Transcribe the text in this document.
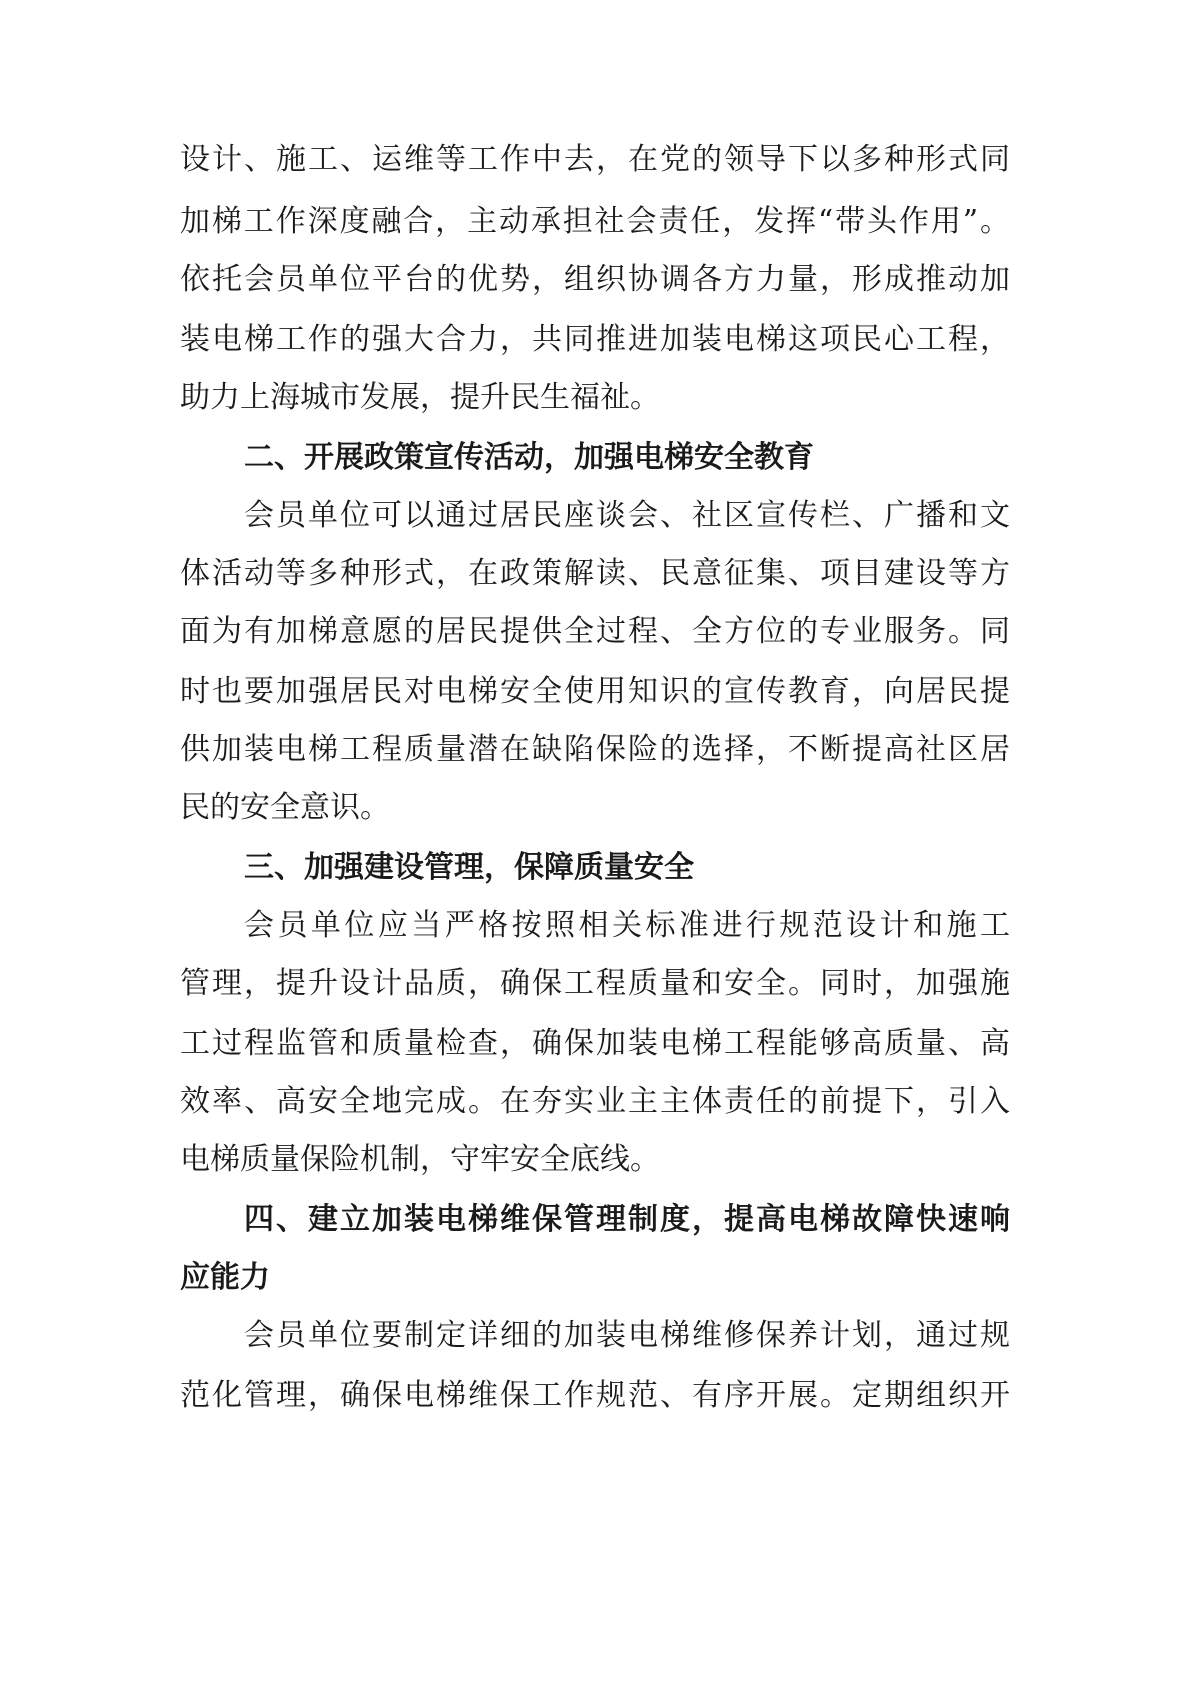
设计、施工、运维等工作中去，在党的领导下以多种形式同
加梯工作深度融合，主动承担社会责任，发挥“带头作用”。
依托会员单位平台的优势，组织协调各方力量，形成推动加
装电梯工作的强大合力，共同推进加装电梯这项民心工程，
助力上海城市发展，提升民生福祉。
二、开展政策宣传活动，加强电梯安全教育
会员单位可以通过居民座谈会、社区宣传栏、广播和文
体活动等多种形式，在政策解读、民意征集、项目建设等方
面为有加梯意愿的居民提供全过程、全方位的专业服务。同
时也要加强居民对电梯安全使用知识的宣传教育，向居民提
供加装电梯工程质量潜在缺陷保险的选择，不断提高社区居
民的安全意识。
三、加强建设管理，保障质量安全
会员单位应当严格按照相关标准进行规范设计和施工
管理，提升设计品质，确保工程质量和安全。同时，加强施
工过程监管和质量检查，确保加装电梯工程能够高质量、高
效率、高安全地完成。在夯实业主主体责任的前提下，引入
电梯质量保险机制，守牢安全底线。
四、建立加装电梯维保管理制度，提高电梯故障快速响
应能力
会员单位要制定详细的加装电梯维修保养计划，通过规
范化管理，确保电梯维保工作规范、有序开展。定期组织开
